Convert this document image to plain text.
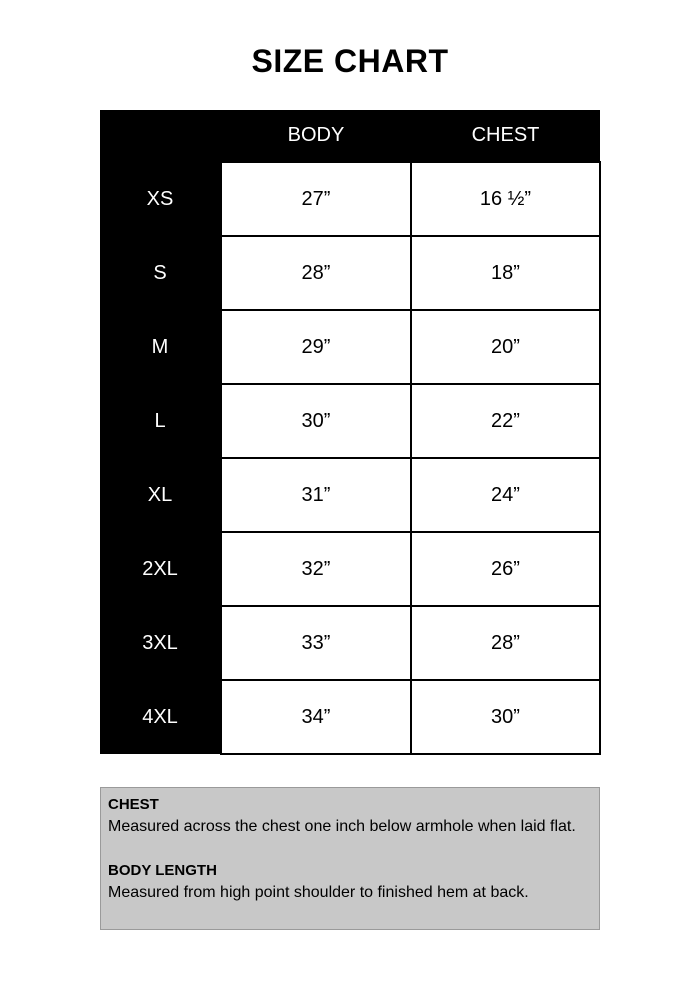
SIZE CHART
	BODY	CHEST
XS	27”	16 ½”
S	28”	18”
M	29”	20”
L	30”	22”
XL	31”	24”
2XL	32”	26”
3XL	33”	28”
4XL	34”	30”
CHEST
Measured across the chest one inch below armhole when laid flat.
BODY LENGTH
Measured from high point shoulder to finished hem at back.
